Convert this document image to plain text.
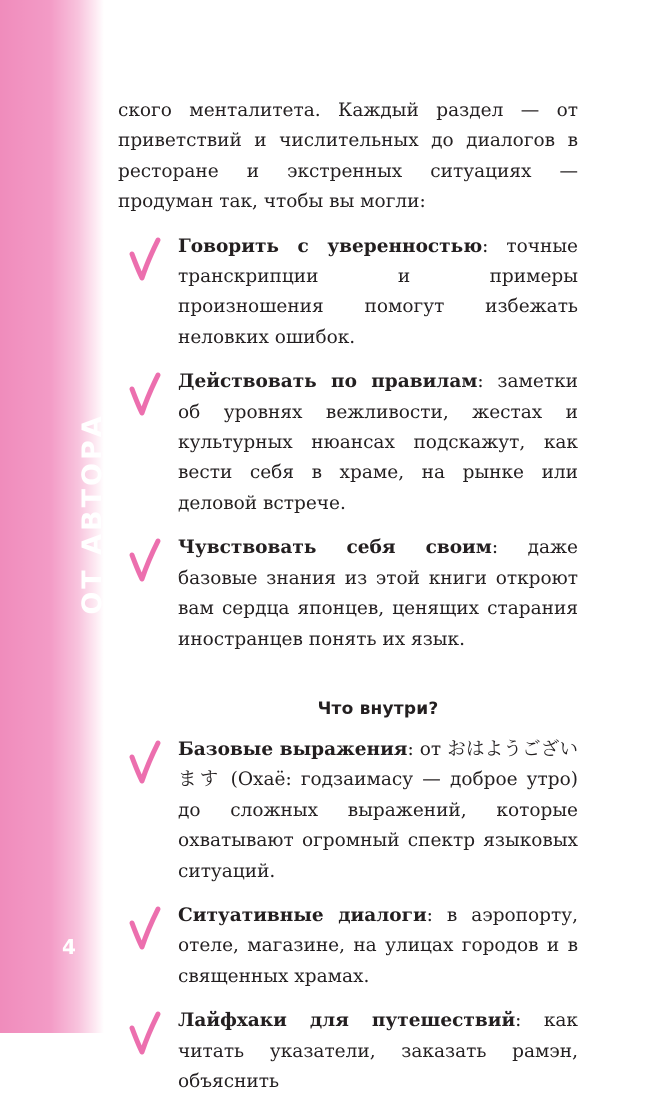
ОТ АВТОРА
4

ского менталитета. Каждый раздел — от приветствий и числительных до диалогов в ресторане и экстренных ситуациях — продуман так, чтобы вы могли:

Говорить с уверенностью: точные транскрипции и примеры произношения помогут избежать неловких ошибок.
Действовать по правилам: заметки об уровнях вежливости, жестах и культурных нюансах подскажут, как вести себя в храме, на рынке или деловой встрече.
Чувствовать себя своим: даже базовые знания из этой книги откроют вам сердца японцев, ценящих старания иностранцев понять их язык.
Что внутри?
Базовые выражения: от おはようございます (Охаё: годзаимасу — доброе утро) до сложных выражений, которые охватывают огромный спектр языковых ситуаций.
Ситуативные диалоги: в аэропорту, отеле, магазине, на улицах городов и в священных храмах.
Лайфхаки для путешествий: как читать указатели, заказать рамэн, объяснить
